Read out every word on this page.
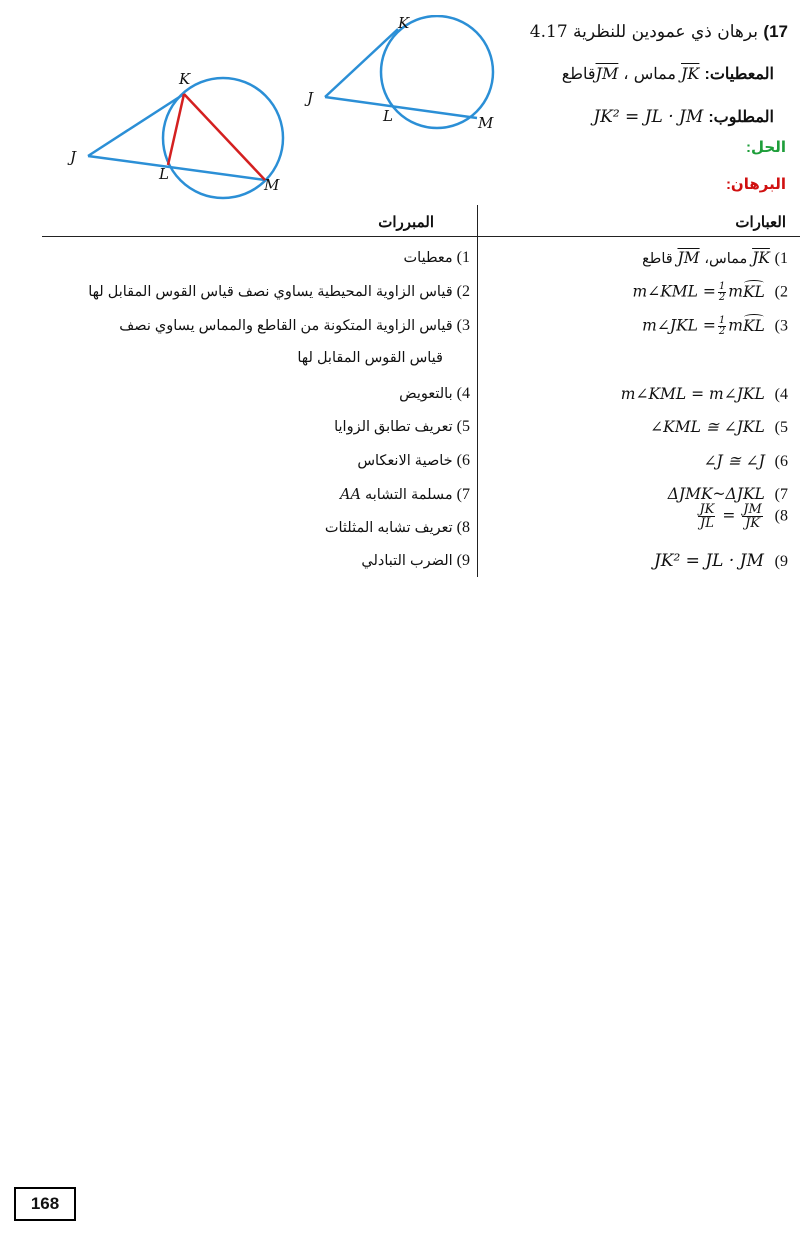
K
J
L
M
K
J
L	M
17) برهان ذي عمودين للنظرية 4.17
المعطيات: $\overline{JK}$ مماس ، $\overline{JM}قاطع$
المطلوب: JK² = JL · JM
الحل:
البرهان:
العبارات
المبررات
1) معطيات
2) قياس الزاوية المحيطية يساوي نصف قياس القوس المقابل لها
3) قياس الزاوية المتكونة من القاطع والمماس يساوي نصف
قياس القوس المقابل لها
4) بالتعويض
5) تعريف تطابق الزوايا
6) خاصية الانعكاس
7) مسلمة التشابه AA
8) تعريف تشابه المثلثات
9) الضرب التبادلي
1) $\overline{JK}$ مماس، $\overline{JM}$ قاطع
m∠KML = $\frac{1}{2}$ mKL (2
m∠JKL = $\frac{1}{2}$ mKL (3
m∠KML = m∠JKL (4
∠KML ≅ ∠JKL (5
∠J ≅ ∠J (6
ΔJMK~ΔJKL (7
$\frac{JK}{JL} = \frac{JM}{JK} (8$
JK² = JL · JM (9
168
